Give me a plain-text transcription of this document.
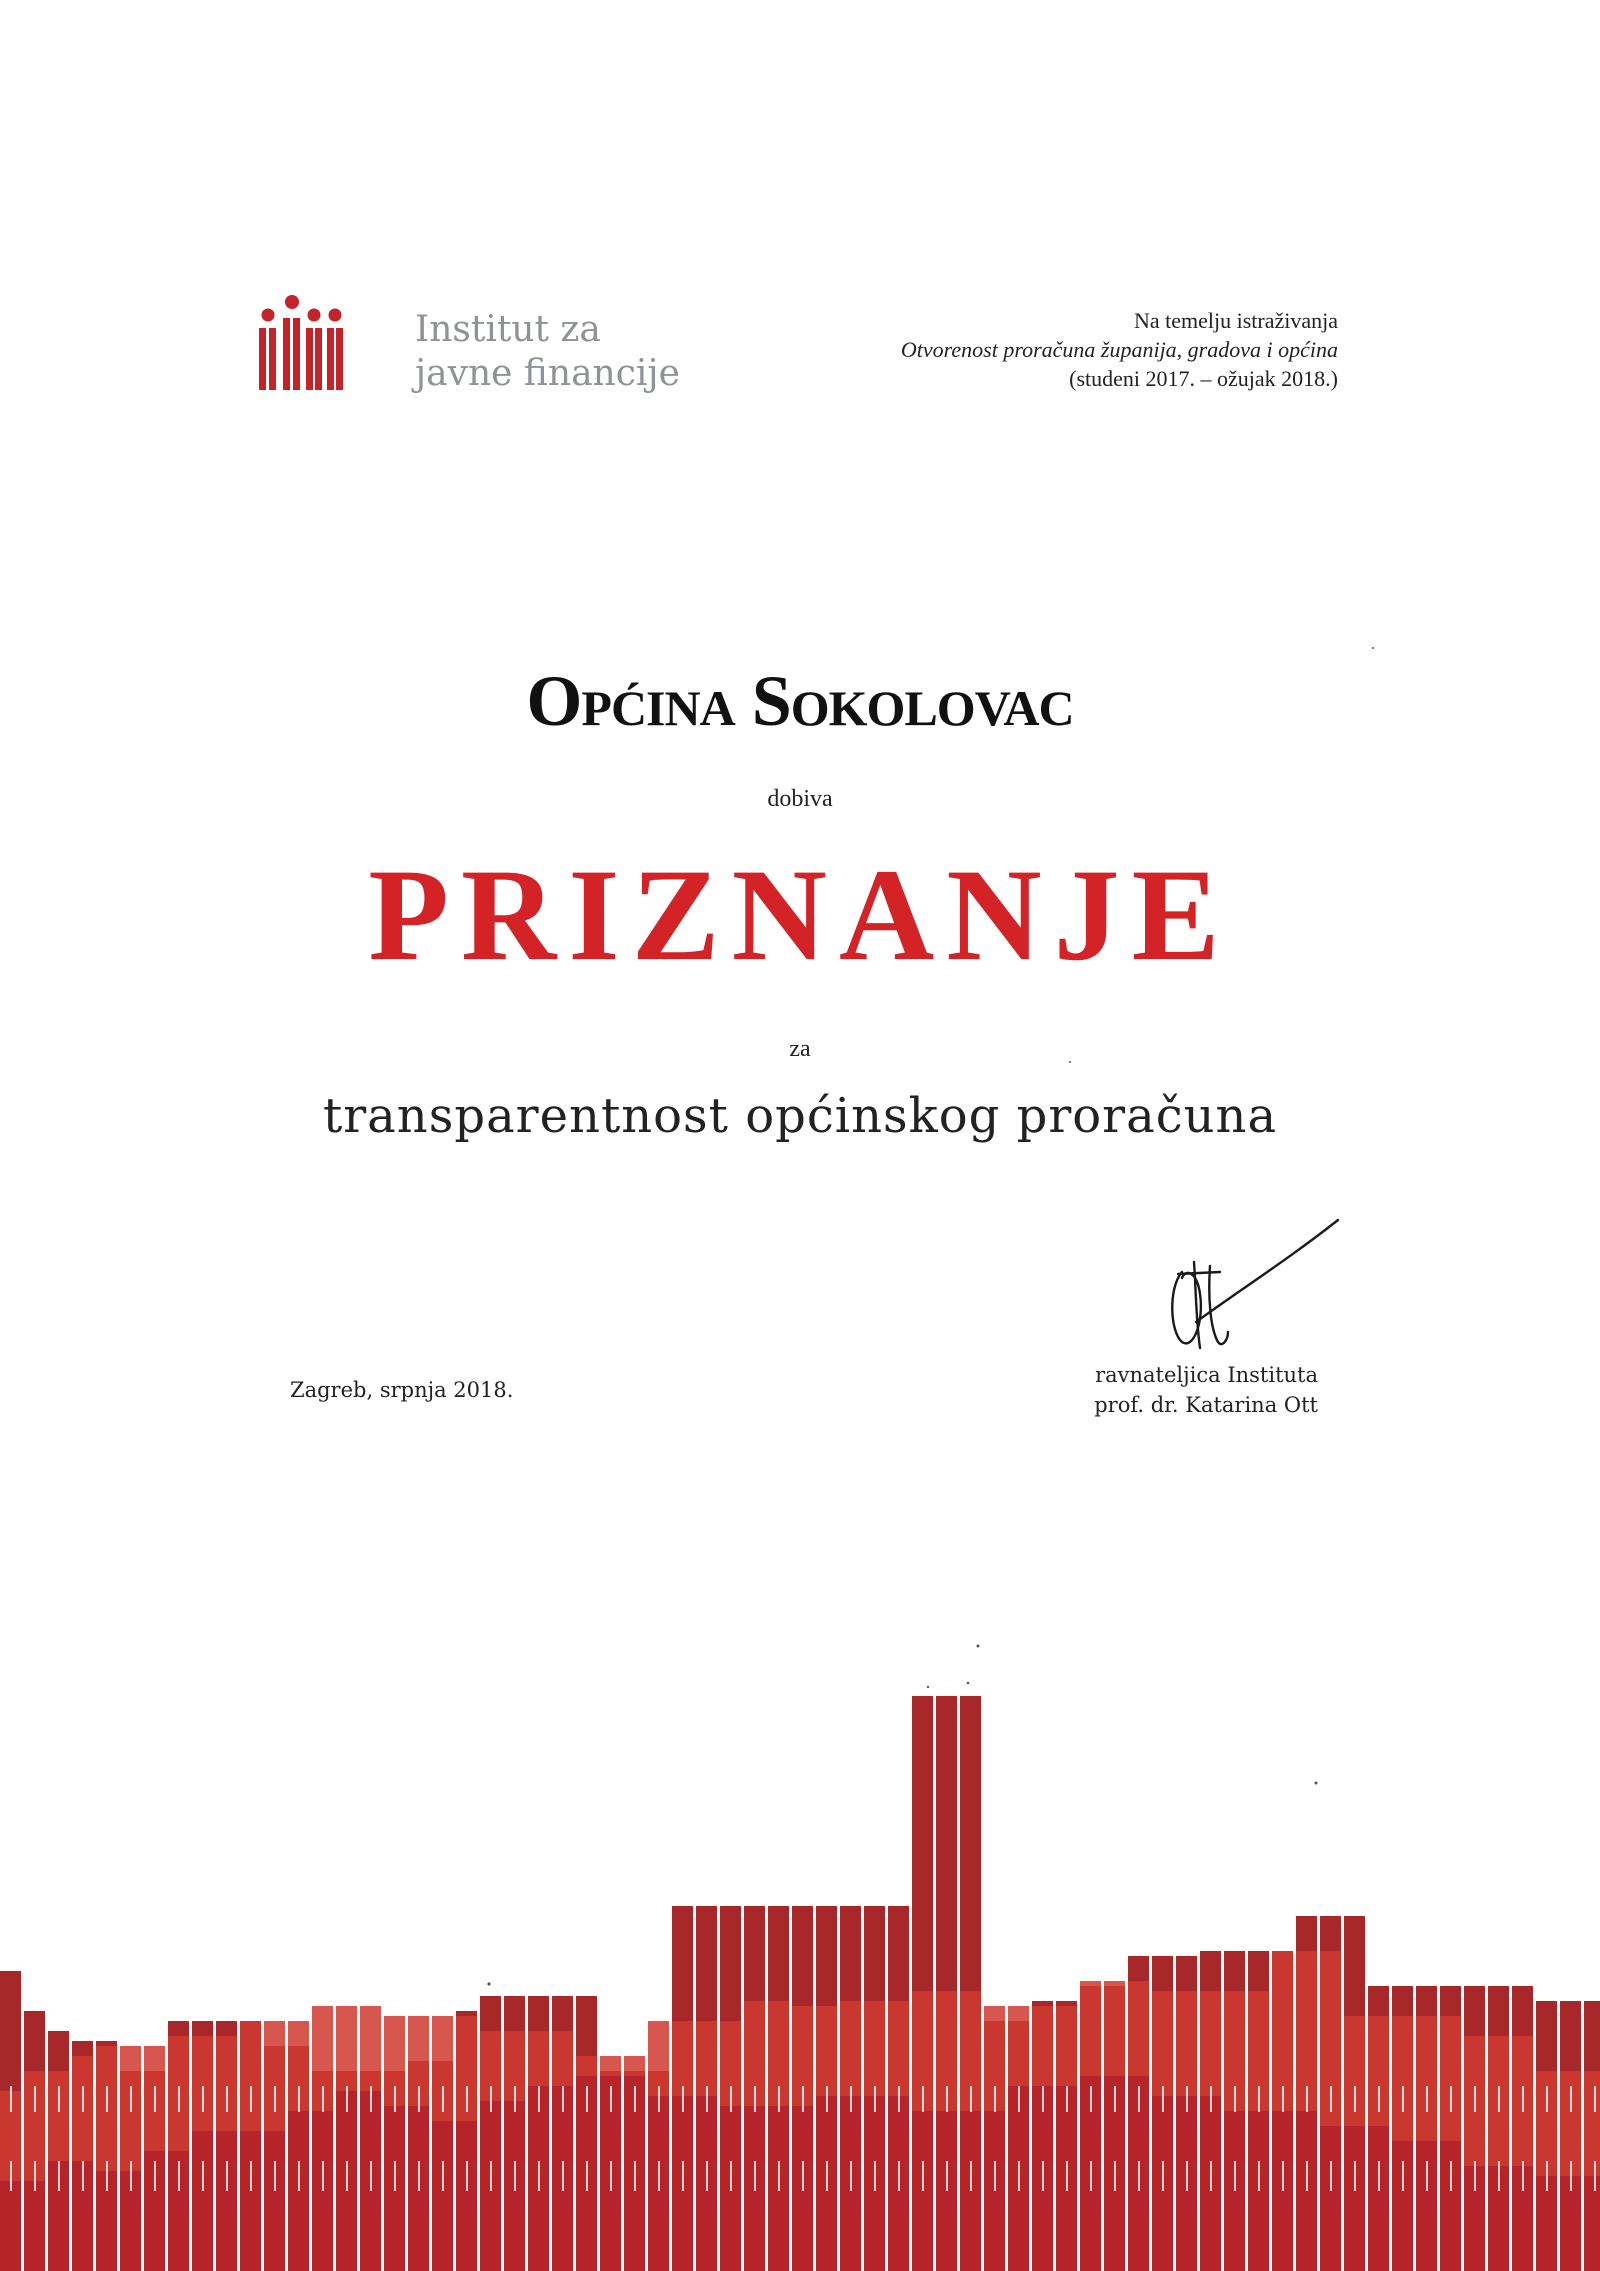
Institut za
javne financije
Na temelju istraživanja
Otvorenost proračuna županija, gradova i općina
(studeni 2017. – ožujak 2018.)
Općina Sokolovac
dobiva
PRIZNANJE
za
transparentnost općinskog proračuna
Zagreb, srpnja 2018.
ravnateljica Instituta
prof. dr. Katarina Ott
